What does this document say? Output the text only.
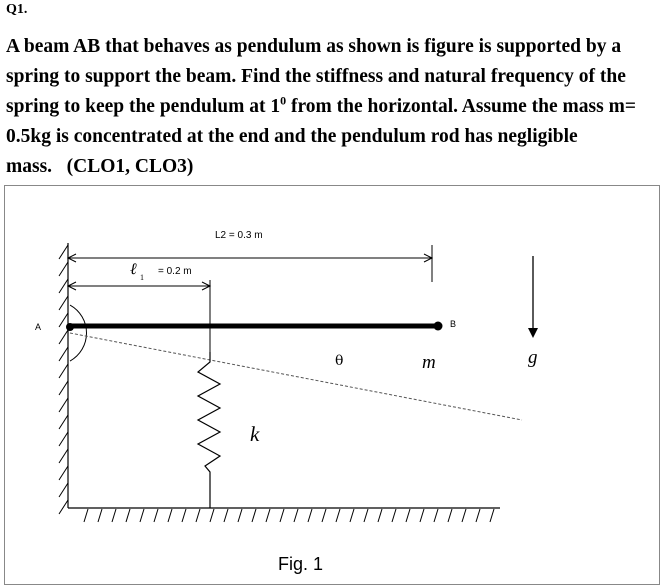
Q1.
A beam AB that behaves as pendulum as shown is figure is supported by a spring to support the beam. Find the stiffness and natural frequency of the spring to keep the pendulum at $1^0$ from the horizontal. Assume the mass m= 0.5kg is concentrated at the end and the pendulum rod has negligible mass. (CLO1, CLO3)
A	B
L2 = 0.3 m
ℓ 1
= 0.2 m
θ	m	g
k
Fig. 1
